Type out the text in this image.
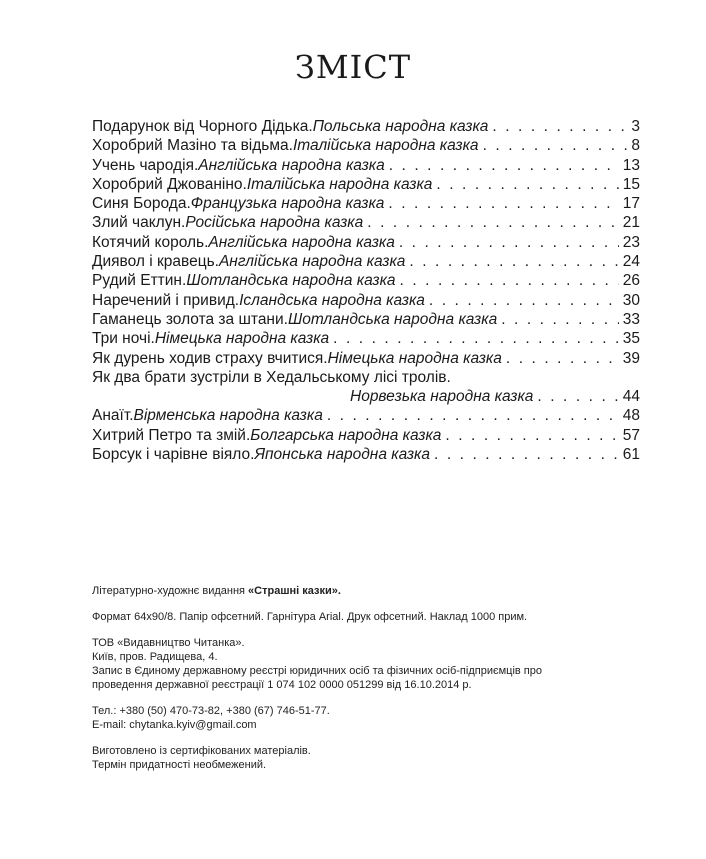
ЗМІСТ
Подарунок від Чорного Дідька. Польська народна казка . . .	3
Хоробрий Мазіно та відьма. Італійська народна казка . . .	8
Учень чародія. Англійська народна казка . . .	13
Хоробрий Джованіно. Італійська народна казка . . .	15
Синя Борода. Французька народна казка . . .	17
Злий чаклун. Російська народна казка . . .	21
Котячий король. Англійська народна казка . . .	23
Диявол і кравець. Англійська народна казка . . .	24
Рудий Еттин. Шотландська народна казка . . .	26
Наречений і привид. Ісландська народна казка . . .	30
Гаманець золота за штани. Шотландська народна казка . . .	33
Три ночі. Німецька народна казка . . .	35
Як дурень ходив страху вчитися. Німецька народна казка . . .	39
Як два брати зустріли в Хедальському лісі тролів.
Норвезька народна казка . . .	44
Анаїт. Вірменська народна казка . . .	48
Хитрий Петро та змій. Болгарська народна казка . . .	57
Борсук і чарівне віяло. Японська народна казка . . .	61

Літературно-художнє видання «Страшні казки».

Формат 64х90/8. Папір офсетний. Гарнітура Arial. Друк офсетний. Наклад 1000 прим.

ТОВ «Видавництво Читанка».

Київ, пров. Радищева, 4.

Запис в Єдиному державному реєстрі юридичних осіб та фізичних осіб-підприємців про

проведення державної реєстрації 1 074 102 0000 051299 від 16.10.2014 р.

Тел.: +380 (50) 470-73-82, +380 (67) 746-51-77.

E-mail: chytanka.kyiv@gmail.com

Виготовлено із сертифікованих матеріалів.

Термін придатності необмежений.
